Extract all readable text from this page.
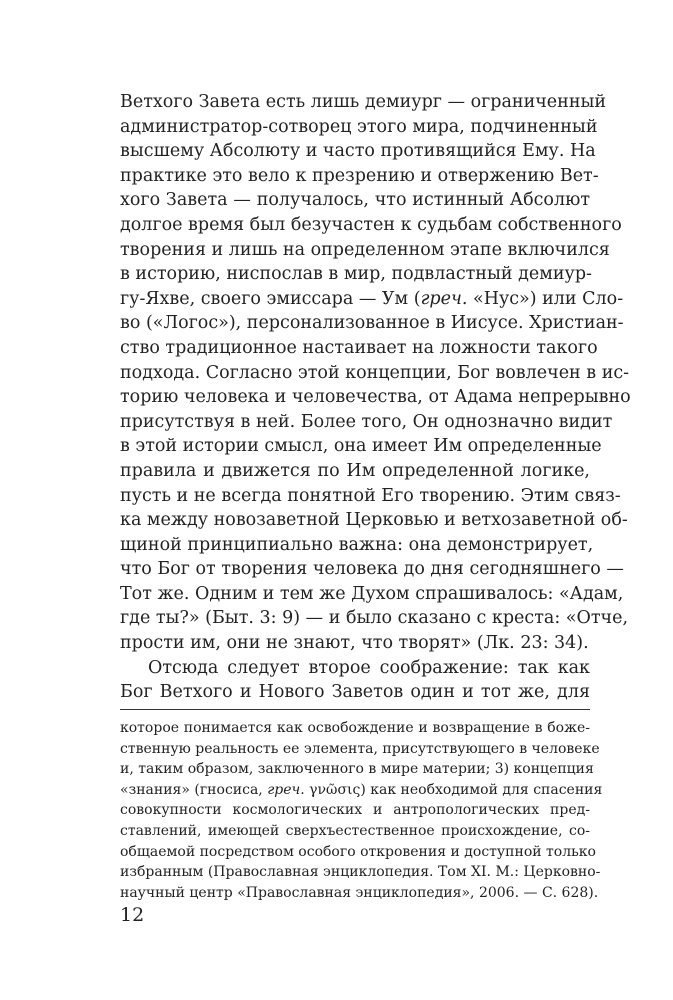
Ветхого Завета есть лишь демиург — ограниченный
администратор-сотворец этого мира, подчиненный
высшему Абсолюту и часто противящийся Ему. На
практике это вело к презрению и отвержению Вет-
хого Завета — получалось, что истинный Абсолют
долгое время был безучастен к судьбам собственного
творения и лишь на определенном этапе включился
в историю, ниспослав в мир, подвластный демиур-
гу-Яхве, своего эмиссара — Ум (греч. «Нус») или Сло-
во («Логос»), персонализованное в Иисусе. Христиан-
ство традиционное настаивает на ложности такого
подхода. Согласно этой концепции, Бог вовлечен в ис-
торию человека и человечества, от Адама непрерывно
присутствуя в ней. Более того, Он однозначно видит
в этой истории смысл, она имеет Им определенные
правила и движется по Им определенной логике,
пусть и не всегда понятной Его творению. Этим связ-
ка между новозаветной Церковью и ветхозаветной об-
щиной принципиально важна: она демонстрирует,
что Бог от творения человека до дня сегодняшнего —
Тот же. Одним и тем же Духом спрашивалось: «Адам,
где ты?» (Быт. 3: 9) — и было сказано с креста: «Отче,
прости им, они не знают, что творят» (Лк. 23: 34).
Отсюда следует второе соображение: так как
Бог Ветхого и Нового Заветов один и тот же, для
которое понимается как освобождение и возвращение в боже-
ственную реальность ее элемента, присутствующего в человеке
и, таким образом, заключенного в мире материи; 3) концепция
«знания» (гносиса, греч. γνῶσις) как необходимой для спасения
совокупности космологических и антропологических пред-
ставлений, имеющей сверхъестественное происхождение, со-
общаемой посредством особого откровения и доступной только
избранным (Православная энциклопедия. Том XI. М.: Церковно-
научный центр «Православная энциклопедия», 2006. — С. 628).
12
